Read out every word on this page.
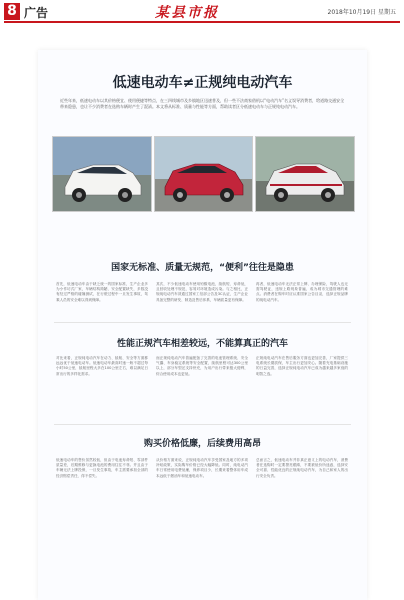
8 广告	某县市报	2018年10月19日 星期五
低速电动车≠正规纯电动汽车
近些年来，低速电动车以其价格便宜、使用便捷等特点，在三四线城市及乡镇地区迅速普及，但一些不法商家借机以“电动汽车”名义误导消费者，给道路交通安全带来隐患，也让不少消费者在选购车辆时产生了混淆。本文将从标准、质量与性能等方面，帮助读者区分低速电动车与正规纯电动汽车。
国家无标准、质量无规范，“便利”往往是隐患
首先，低速电动车由于缺乏统一的国家标准，生产企业多为小作坊式厂家，车辆结构简陋、安全配置缺失，多数没有经过严格的碰撞测试，在行驶过程中一旦发生事故，驾乘人员的安全难以得到保障。
其次，不少低速电动车使用铅酸电池，续航短、寿命低，且回收处理不规范，容易对环境造成污染。与之相比，正规纯电动汽车须通过国家工信部公告及3C认证，生产企业具备完整的研发、制造及售后体系，车辆质量更有保障。
再者，低速电动车无法正常上牌、办理保险，驾驶人也无需驾驶证，违规上路现象普遍，成为城市交通管理的难点。消费者在购车时应认准国家公告目录，选择正规品牌的纯电动汽车。
性能正规汽车相差较远，不能算真正的汽车
对比来看，正规纯电动汽车在动力、续航、安全等方面都远远优于低速电动车。低速电动车最高时速一般不超过每小时50公里，续航里程大多在100公里左右，难以满足日常出行的多样化需求。
而正规纯电动汽车普遍配备了完善的电池管理系统、安全气囊、车身稳定系统等安全配置，续航里程可达300公里以上，部分车型还支持快充，为用户出行带来极大便利，综合使用成本也更低。
正规纯电动汽车在售后服务方面也更加完善，厂家提供三电系统长期质保，车主出行更加安心。随着充电基础设施的日益完善，选择正规纯电动汽车已成为越来越多家庭的明智之选。
购买价格低廉，后续费用高昂
低速电动车的售价虽然较低，但由于电池寿命短、零部件质量差，后期维修与更换电池的费用往往不菲。并且由于车辆无法上牌投保，一旦发生事故，车主需要承担全部的经济赔偿责任，得不偿失。
从价格方面来说，正规纯电动汽车享受国家及地方的多项补贴政策，实际购车价格已经大幅降低。同时，纯电动汽车日常使用电费低廉，保养项目少，长期来看整体用车成本远低于燃油车和低速电动车。
总而言之，低速电动车并非真正意义上的电动汽车，消费者在选购时一定要擦亮眼睛，不要被低价所迷惑，选择安全可靠、性能优良的正规纯电动汽车，为自己和家人的出行安全负责。
